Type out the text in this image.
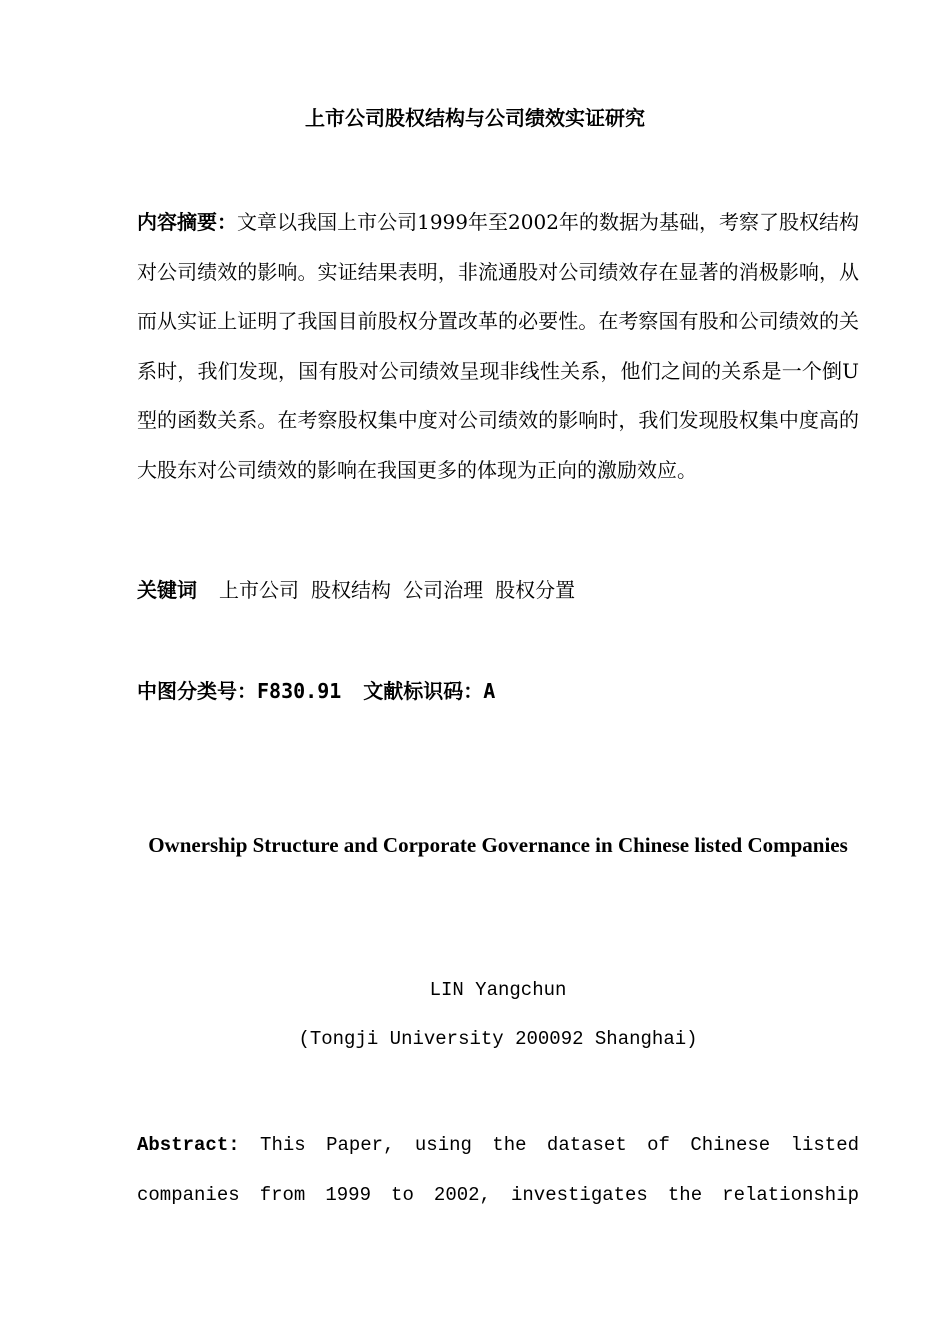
上市公司股权结构与公司绩效实证研究
内容摘要：文章以我国上市公司1999年至2002年的数据为基础，考察了股权结构对公司绩效的影响。实证结果表明，非流通股对公司绩效存在显著的消极影响，从而从实证上证明了我国目前股权分置改革的必要性。在考察国有股和公司绩效的关系时，我们发现，国有股对公司绩效呈现非线性关系，他们之间的关系是一个倒U型的函数关系。在考察股权集中度对公司绩效的影响时，我们发现股权集中度高的大股东对公司绩效的影响在我国更多的体现为正向的激励效应。
关键词 上市公司 股权结构 公司治理 股权分置
中图分类号：F830.91 文献标识码：A
Ownership Structure and Corporate Governance in Chinese listed Companies
LIN Yangchun
(Tongji University 200092 Shanghai)
Abstract: This Paper, using the dataset of Chinese listed companies from 1999 to 2002, investigates the relationship
